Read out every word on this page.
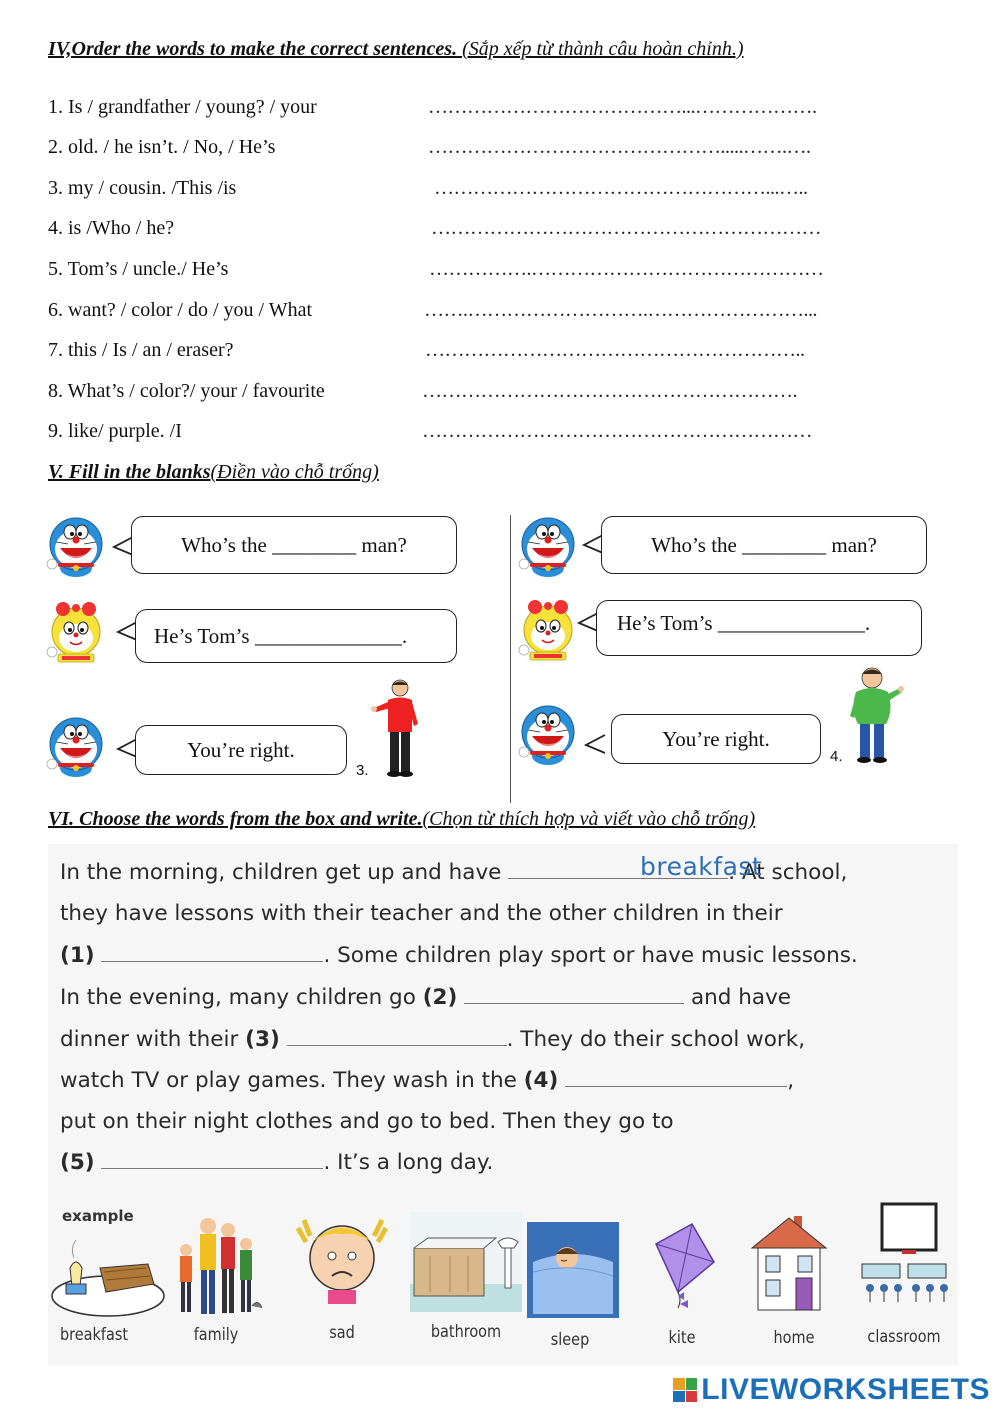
IV,Order the words to make the correct sentences. (Sắp xếp từ thành câu hoàn chỉnh.)
1. Is / grandfather / young? / your	…………………………………...……………….
2. old. / he isn’t. / No, / He’s	……………………………………….....…….….
3. my / cousin. /This /is	……………………………………………...…..
4. is /Who / he?	……………………………………………………
5. Tom’s / uncle./ He’s	…………….………………………………………
6. want? / color / do / you / What	…….……………………….……………………...
7. this / Is / an / eraser?	…………………………………………………..
8. What’s / color?/ your / favourite	………………………………………………….
9. like/ purple. /I	……………………………………………………
V. Fill in the blanks(Điền vào chỗ trống)
Who’s the ________ man?
He’s Tom’s ______________.
You’re right.
3.
Who’s the ________ man?
He’s Tom’s ______________.
You’re right.
4.
VI. Choose the words from the box and write.(Chọn từ thích hợp và viết vào chỗ trống)
In the morning, children get up and have	. At school,
breakfast
they have lessons with their teacher and the other children in their
(1)	. Some children play sport or have music lessons.
In the evening, many children go (2)	and have
dinner with their (3)	. They do their school work,
watch TV or play games. They wash in the (4)	,
put on their night clothes and go to bed. Then they go to
(5)	. It’s a long day.
example
breakfast	family	sad	bathroom	sleep	kite	home	classroom
LIVEWORKSHEETS
